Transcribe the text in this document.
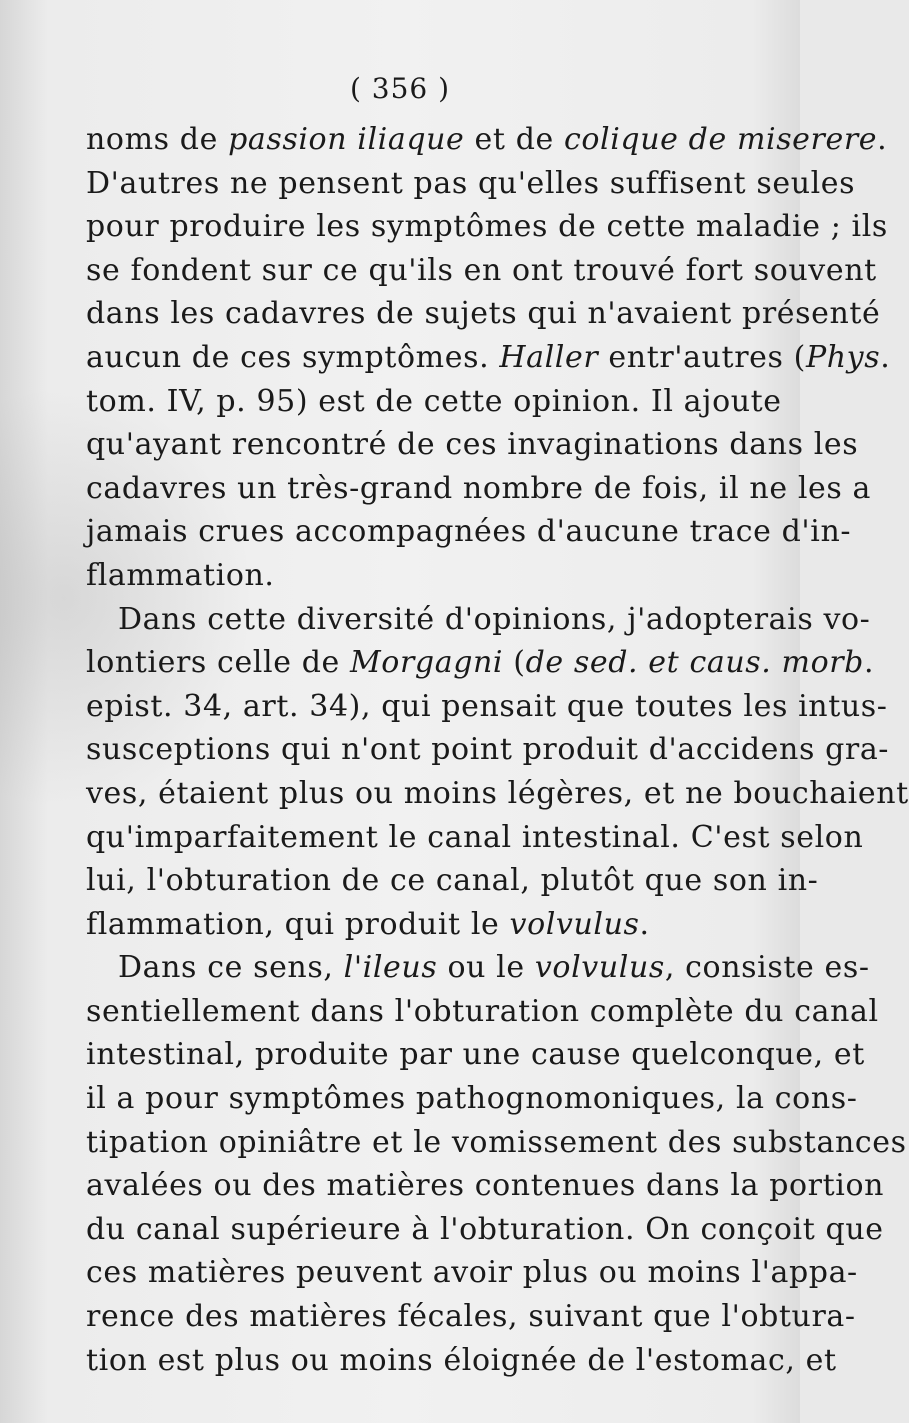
( 356 )
noms de passion iliaque et de colique de miserere.
D'autres ne pensent pas qu'elles suffisent seules
pour produire les symptômes de cette maladie ; ils
se fondent sur ce qu'ils en ont trouvé fort souvent
dans les cadavres de sujets qui n'avaient présenté
aucun de ces symptômes. Haller entr'autres (Phys.
tom. IV, p. 95) est de cette opinion. Il ajoute
qu'ayant rencontré de ces invaginations dans les
cadavres un très-grand nombre de fois, il ne les a
jamais crues accompagnées d'aucune trace d'in-
flammation.
Dans cette diversité d'opinions, j'adopterais vo-
lontiers celle de Morgagni (de sed. et caus. morb.
epist. 34, art. 34), qui pensait que toutes les intus-
susceptions qui n'ont point produit d'accidens gra-
ves, étaient plus ou moins légères, et ne bouchaient
qu'imparfaitement le canal intestinal. C'est selon
lui, l'obturation de ce canal, plutôt que son in-
flammation, qui produit le volvulus.
Dans ce sens, l'ileus ou le volvulus, consiste es-
sentiellement dans l'obturation complète du canal
intestinal, produite par une cause quelconque, et
il a pour symptômes pathognomoniques, la cons-
tipation opiniâtre et le vomissement des substances
avalées ou des matières contenues dans la portion
du canal supérieure à l'obturation. On conçoit que
ces matières peuvent avoir plus ou moins l'appa-
rence des matières fécales, suivant que l'obtura-
tion est plus ou moins éloignée de l'estomac, et
